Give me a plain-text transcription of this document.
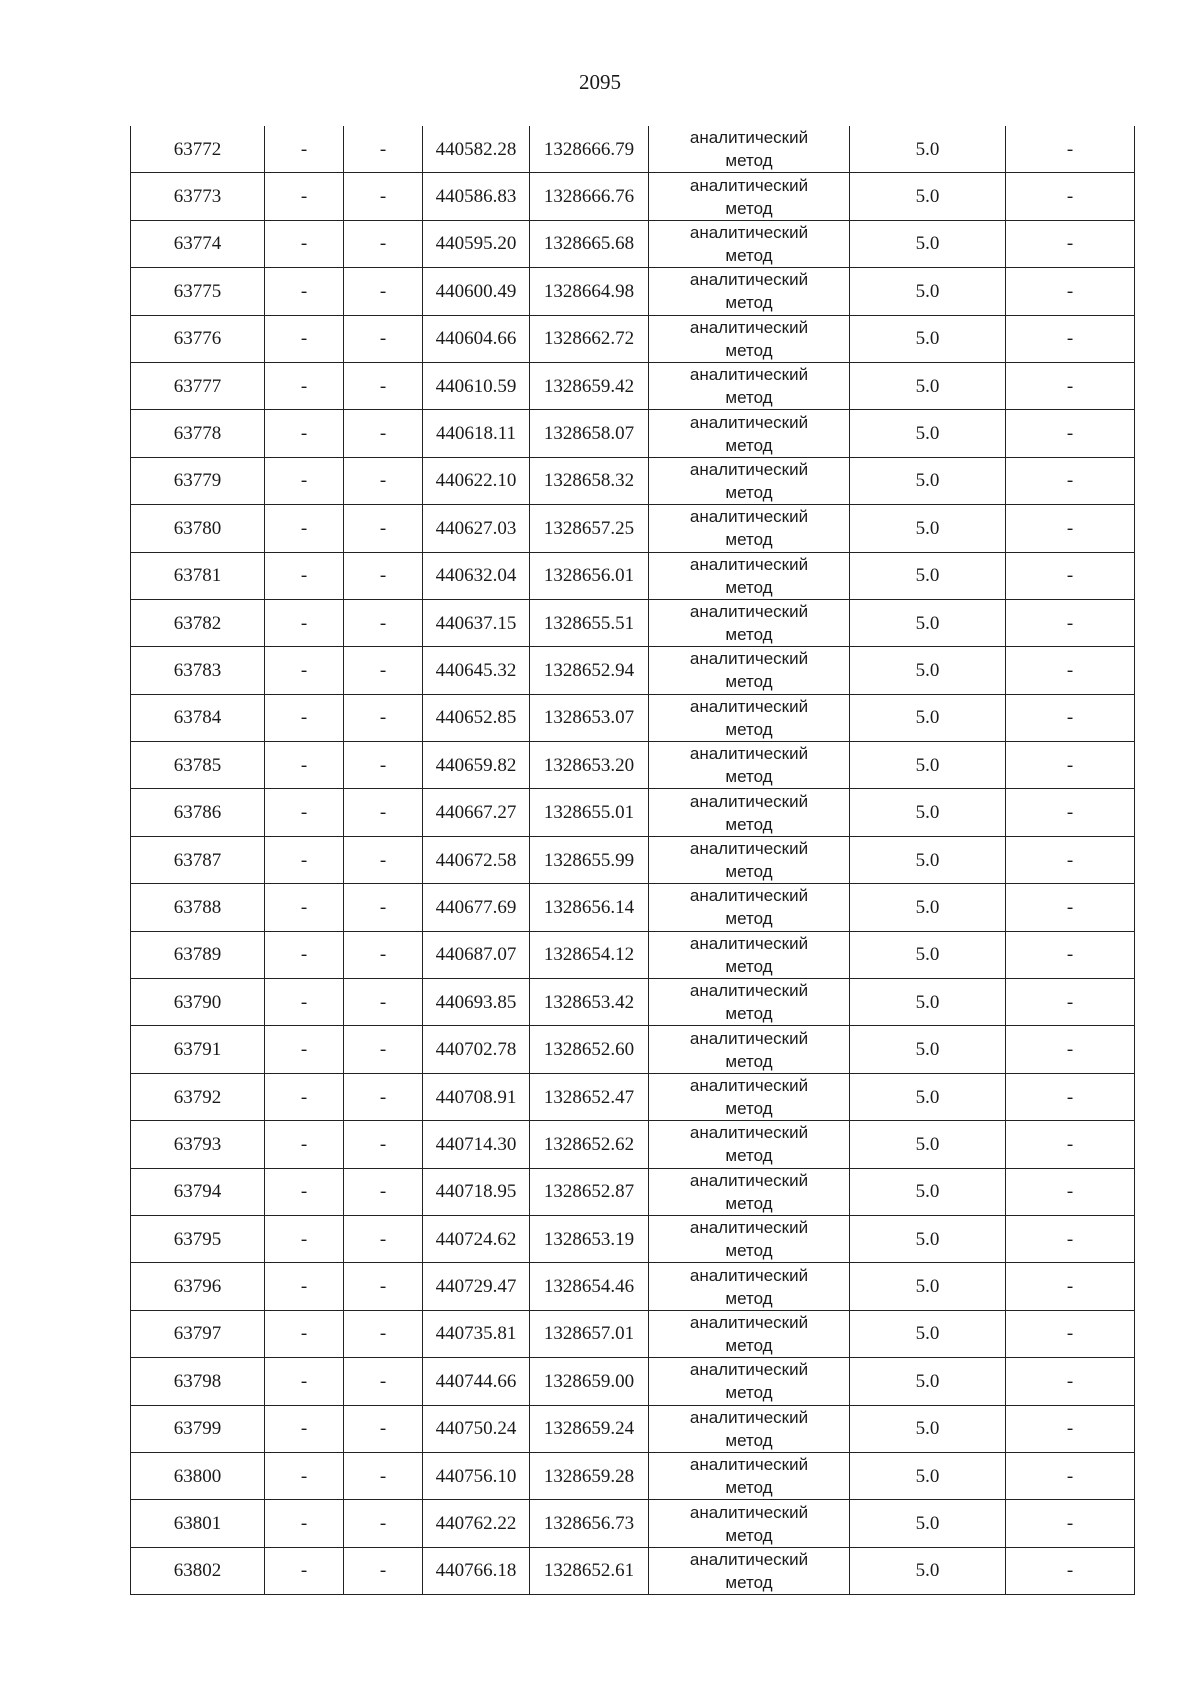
2095
63772	-	-	440582.28	1328666.79	аналитический
метод	5.0	-
63773	-	-	440586.83	1328666.76	аналитический
метод	5.0	-
63774	-	-	440595.20	1328665.68	аналитический
метод	5.0	-
63775	-	-	440600.49	1328664.98	аналитический
метод	5.0	-
63776	-	-	440604.66	1328662.72	аналитический
метод	5.0	-
63777	-	-	440610.59	1328659.42	аналитический
метод	5.0	-
63778	-	-	440618.11	1328658.07	аналитический
метод	5.0	-
63779	-	-	440622.10	1328658.32	аналитический
метод	5.0	-
63780	-	-	440627.03	1328657.25	аналитический
метод	5.0	-
63781	-	-	440632.04	1328656.01	аналитический
метод	5.0	-
63782	-	-	440637.15	1328655.51	аналитический
метод	5.0	-
63783	-	-	440645.32	1328652.94	аналитический
метод	5.0	-
63784	-	-	440652.85	1328653.07	аналитический
метод	5.0	-
63785	-	-	440659.82	1328653.20	аналитический
метод	5.0	-
63786	-	-	440667.27	1328655.01	аналитический
метод	5.0	-
63787	-	-	440672.58	1328655.99	аналитический
метод	5.0	-
63788	-	-	440677.69	1328656.14	аналитический
метод	5.0	-
63789	-	-	440687.07	1328654.12	аналитический
метод	5.0	-
63790	-	-	440693.85	1328653.42	аналитический
метод	5.0	-
63791	-	-	440702.78	1328652.60	аналитический
метод	5.0	-
63792	-	-	440708.91	1328652.47	аналитический
метод	5.0	-
63793	-	-	440714.30	1328652.62	аналитический
метод	5.0	-
63794	-	-	440718.95	1328652.87	аналитический
метод	5.0	-
63795	-	-	440724.62	1328653.19	аналитический
метод	5.0	-
63796	-	-	440729.47	1328654.46	аналитический
метод	5.0	-
63797	-	-	440735.81	1328657.01	аналитический
метод	5.0	-
63798	-	-	440744.66	1328659.00	аналитический
метод	5.0	-
63799	-	-	440750.24	1328659.24	аналитический
метод	5.0	-
63800	-	-	440756.10	1328659.28	аналитический
метод	5.0	-
63801	-	-	440762.22	1328656.73	аналитический
метод	5.0	-
63802	-	-	440766.18	1328652.61	аналитический
метод	5.0	-
